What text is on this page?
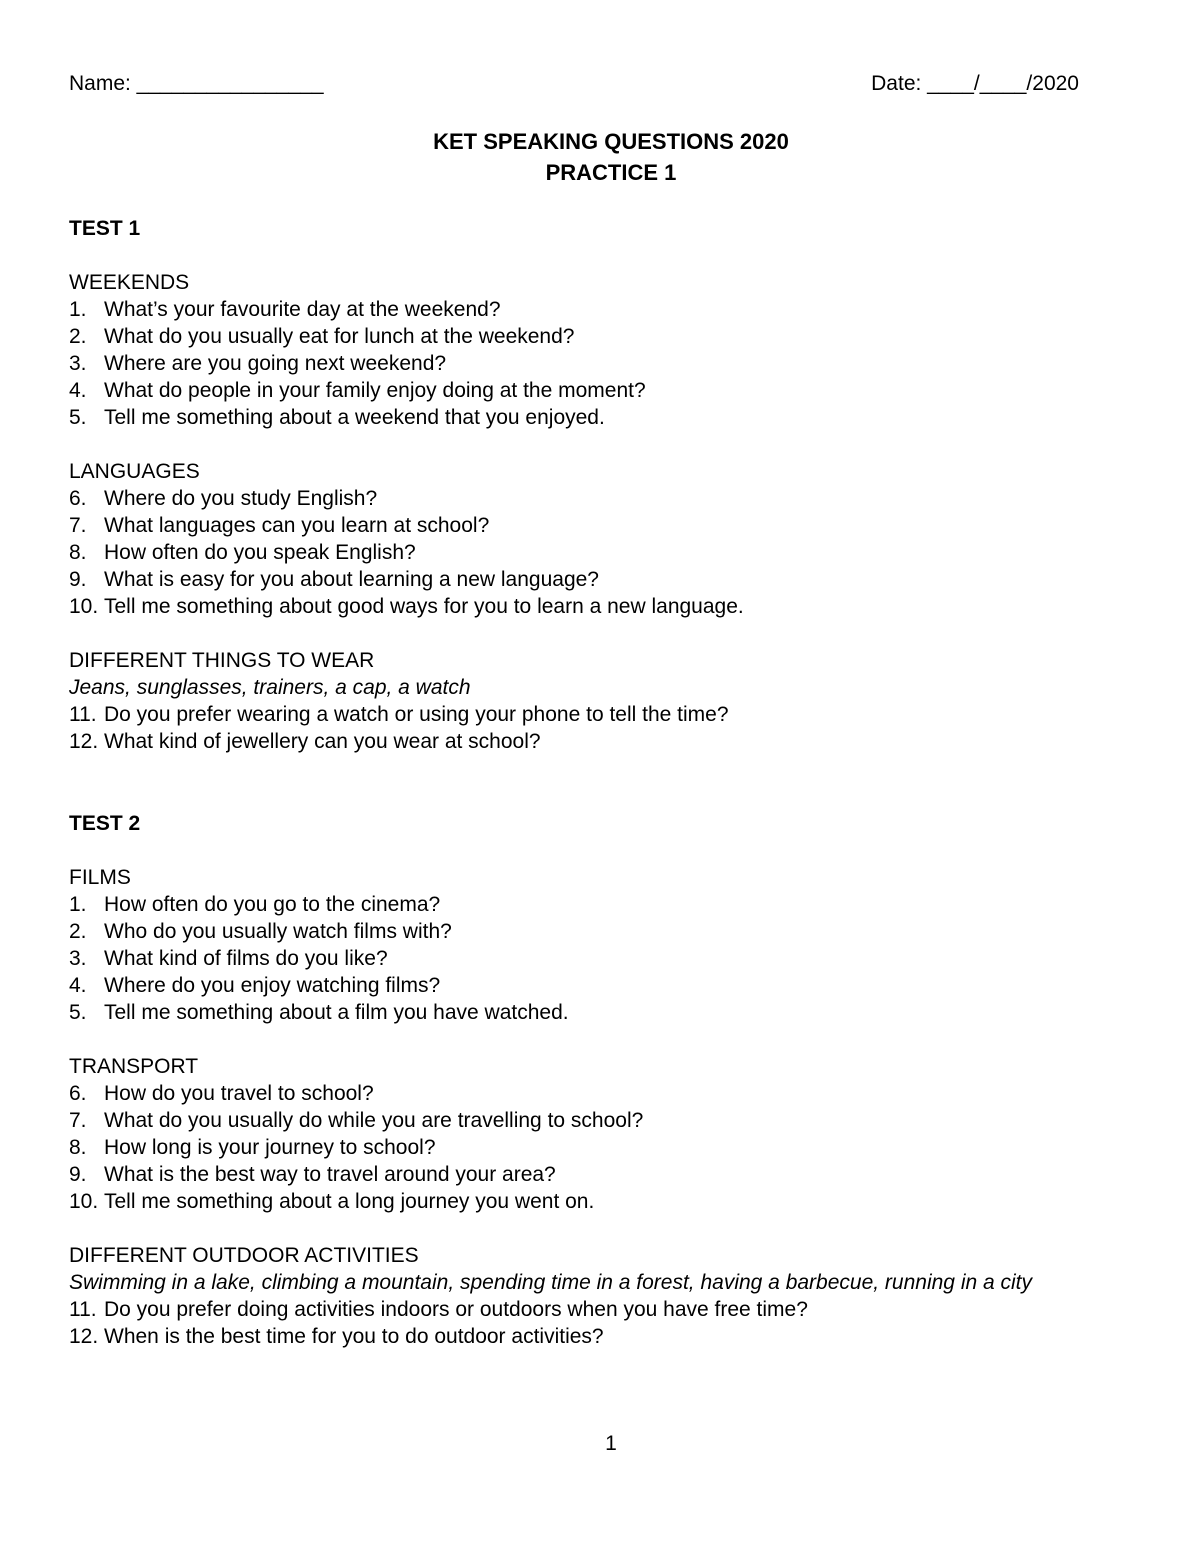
Name: ________________	Date: ____/____/2020
KET SPEAKING QUESTIONS 2020
PRACTICE 1
TEST 1
WEEKENDS
1. What’s your favourite day at the weekend?
2. What do you usually eat for lunch at the weekend?
3. Where are you going next weekend?
4. What do people in your family enjoy doing at the moment?
5. Tell me something about a weekend that you enjoyed.
LANGUAGES
6. Where do you study English?
7. What languages can you learn at school?
8. How often do you speak English?
9. What is easy for you about learning a new language?
10. Tell me something about good ways for you to learn a new language.
DIFFERENT THINGS TO WEAR
Jeans, sunglasses, trainers, a cap, a watch
11. Do you prefer wearing a watch or using your phone to tell the time?
12. What kind of jewellery can you wear at school?
TEST 2
FILMS
1. How often do you go to the cinema?
2. Who do you usually watch films with?
3. What kind of films do you like?
4. Where do you enjoy watching films?
5. Tell me something about a film you have watched.
TRANSPORT
6. How do you travel to school?
7. What do you usually do while you are travelling to school?
8. How long is your journey to school?
9. What is the best way to travel around your area?
10. Tell me something about a long journey you went on.
DIFFERENT OUTDOOR ACTIVITIES
Swimming in a lake, climbing a mountain, spending time in a forest, having a barbecue, running in a city
11. Do you prefer doing activities indoors or outdoors when you have free time?
12. When is the best time for you to do outdoor activities?
1
